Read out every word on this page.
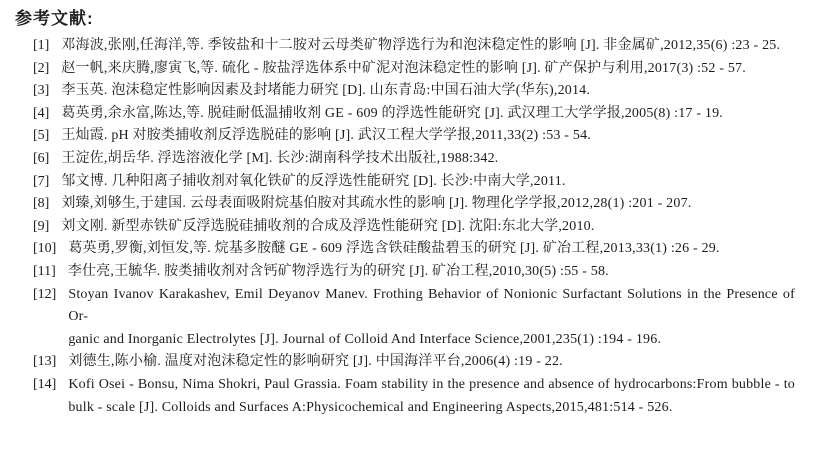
参考文献:
[1] 邓海波,张刚,任海洋,等. 季铵盐和十二胺对云母类矿物浮选行为和泡沫稳定性的影响 [J]. 非金属矿,2012,35(6) :23 - 25.

[2] 赵一帆,来庆腾,廖寅飞,等. 硫化 - 胺盐浮选体系中矿泥对泡沫稳定性的影响 [J]. 矿产保护与利用,2017(3) :52 - 57.

[3] 李玉英. 泡沫稳定性影响因素及封堵能力研究 [D]. 山东青岛:中国石油大学(华东),2014.

[4] 葛英勇,余永富,陈达,等. 脱硅耐低温捕收剂 GE - 609 的浮选性能研究 [J]. 武汉理工大学学报,2005(8) :17 - 19.

[5] 王灿霞. pH 对胺类捕收剂反浮选脱硅的影响 [J]. 武汉工程大学学报,2011,33(2) :53 - 54.

[6] 王淀佐,胡岳华. 浮选溶液化学 [M]. 长沙:湖南科学技术出版社,1988:342.

[7] 邹文博. 几种阳离子捕收剂对氧化铁矿的反浮选性能研究 [D]. 长沙:中南大学,2011.

[8] 刘臻,刘够生,于建国. 云母表面吸附烷基伯胺对其疏水性的影响 [J]. 物理化学学报,2012,28(1) :201 - 207.

[9] 刘文刚. 新型赤铁矿反浮选脱硅捕收剂的合成及浮选性能研究 [D]. 沈阳:东北大学,2010.

[10] 葛英勇,罗衡,刘恒发,等. 烷基多胺醚 GE - 609 浮选含铁硅酸盐碧玉的研究 [J]. 矿冶工程,2013,33(1) :26 - 29.

[11] 李仕亮,王毓华. 胺类捕收剂对含钙矿物浮选行为的研究 [J]. 矿冶工程,2010,30(5) :55 - 58.

[12] Stoyan Ivanov Karakashev, Emil Deyanov Manev. Frothing Behavior of Nonionic Surfactant Solutions in the Presence of Or-

ganic and Inorganic Electrolytes [J]. Journal of Colloid And Interface Science,2001,235(1) :194 - 196.

[13] 刘德生,陈小榆. 温度对泡沫稳定性的影响研究 [J]. 中国海洋平台,2006(4) :19 - 22.

[14] Kofi Osei - Bonsu, Nima Shokri, Paul Grassia. Foam stability in the presence and absence of hydrocarbons:From bubble - to

bulk - scale [J]. Colloids and Surfaces A:Physicochemical and Engineering Aspects,2015,481:514 - 526.
